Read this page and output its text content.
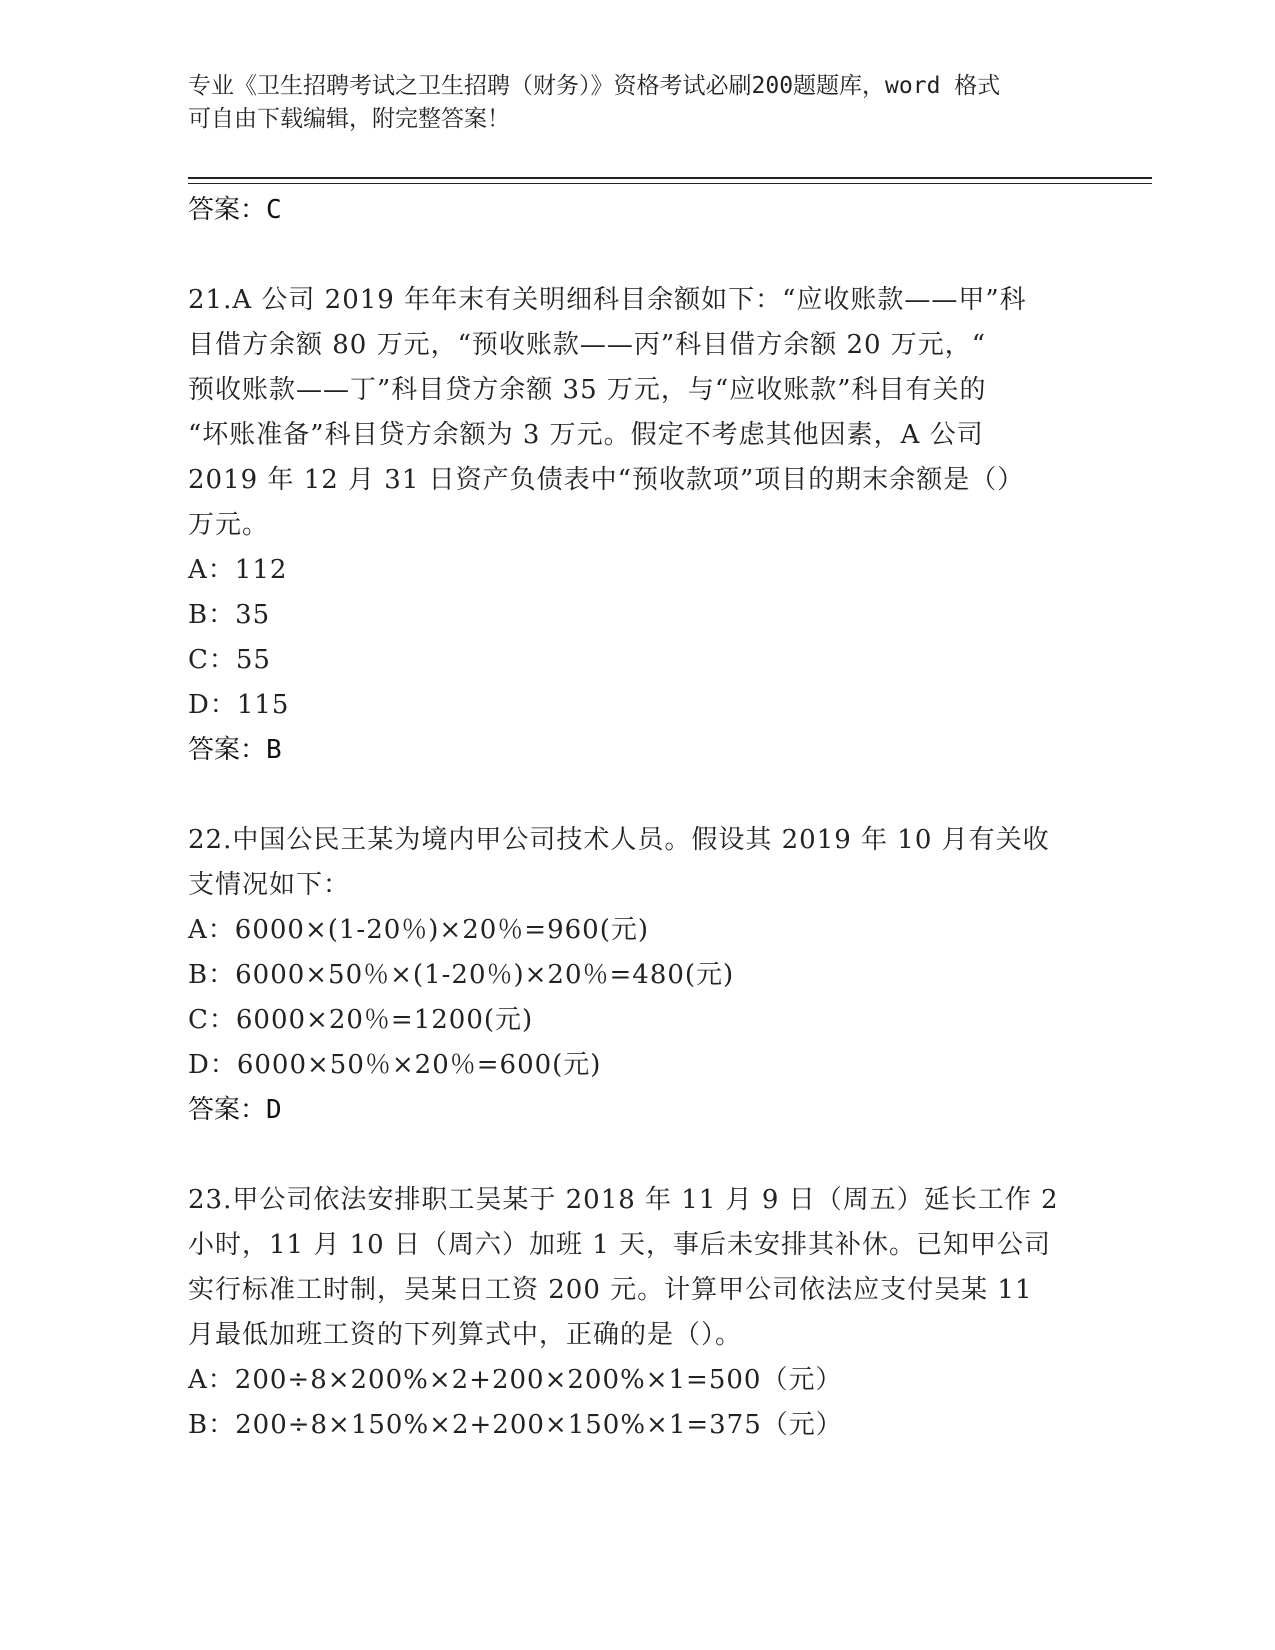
专业《卫生招聘考试之卫生招聘（财务）》资格考试必刷200题题库，word 格式
可自由下载编辑，附完整答案！
答案：C
21.A 公司 2019 年年末有关明细科目余额如下：“应收账款——甲”科
目借方余额 80 万元，“预收账款——丙”科目借方余额 20 万元，“
预收账款——丁”科目贷方余额 35 万元，与“应收账款”科目有关的
“坏账准备”科目贷方余额为 3 万元。假定不考虑其他因素，A 公司
2019 年 12 月 31 日资产负债表中“预收款项”项目的期末余额是（）
万元。
A：112
B：35
C：55
D：115
答案：B
22.中国公民王某为境内甲公司技术人员。假设其 2019 年 10 月有关收
支情况如下：
A：6000×(1-20％)×20％=960(元)
B：6000×50％×(1-20％)×20％=480(元)
C：6000×20％=1200(元)
D：6000×50％×20％=600(元)
答案：D
23.甲公司依法安排职工吴某于 2018 年 11 月 9 日（周五）延长工作 2
小时，11 月 10 日（周六）加班 1 天，事后未安排其补休。已知甲公司
实行标准工时制，吴某日工资 200 元。计算甲公司依法应支付吴某 11
月最低加班工资的下列算式中，正确的是（）。
A：200÷8×200%×2+200×200%×1=500（元）
B：200÷8×150%×2+200×150%×1=375（元）
